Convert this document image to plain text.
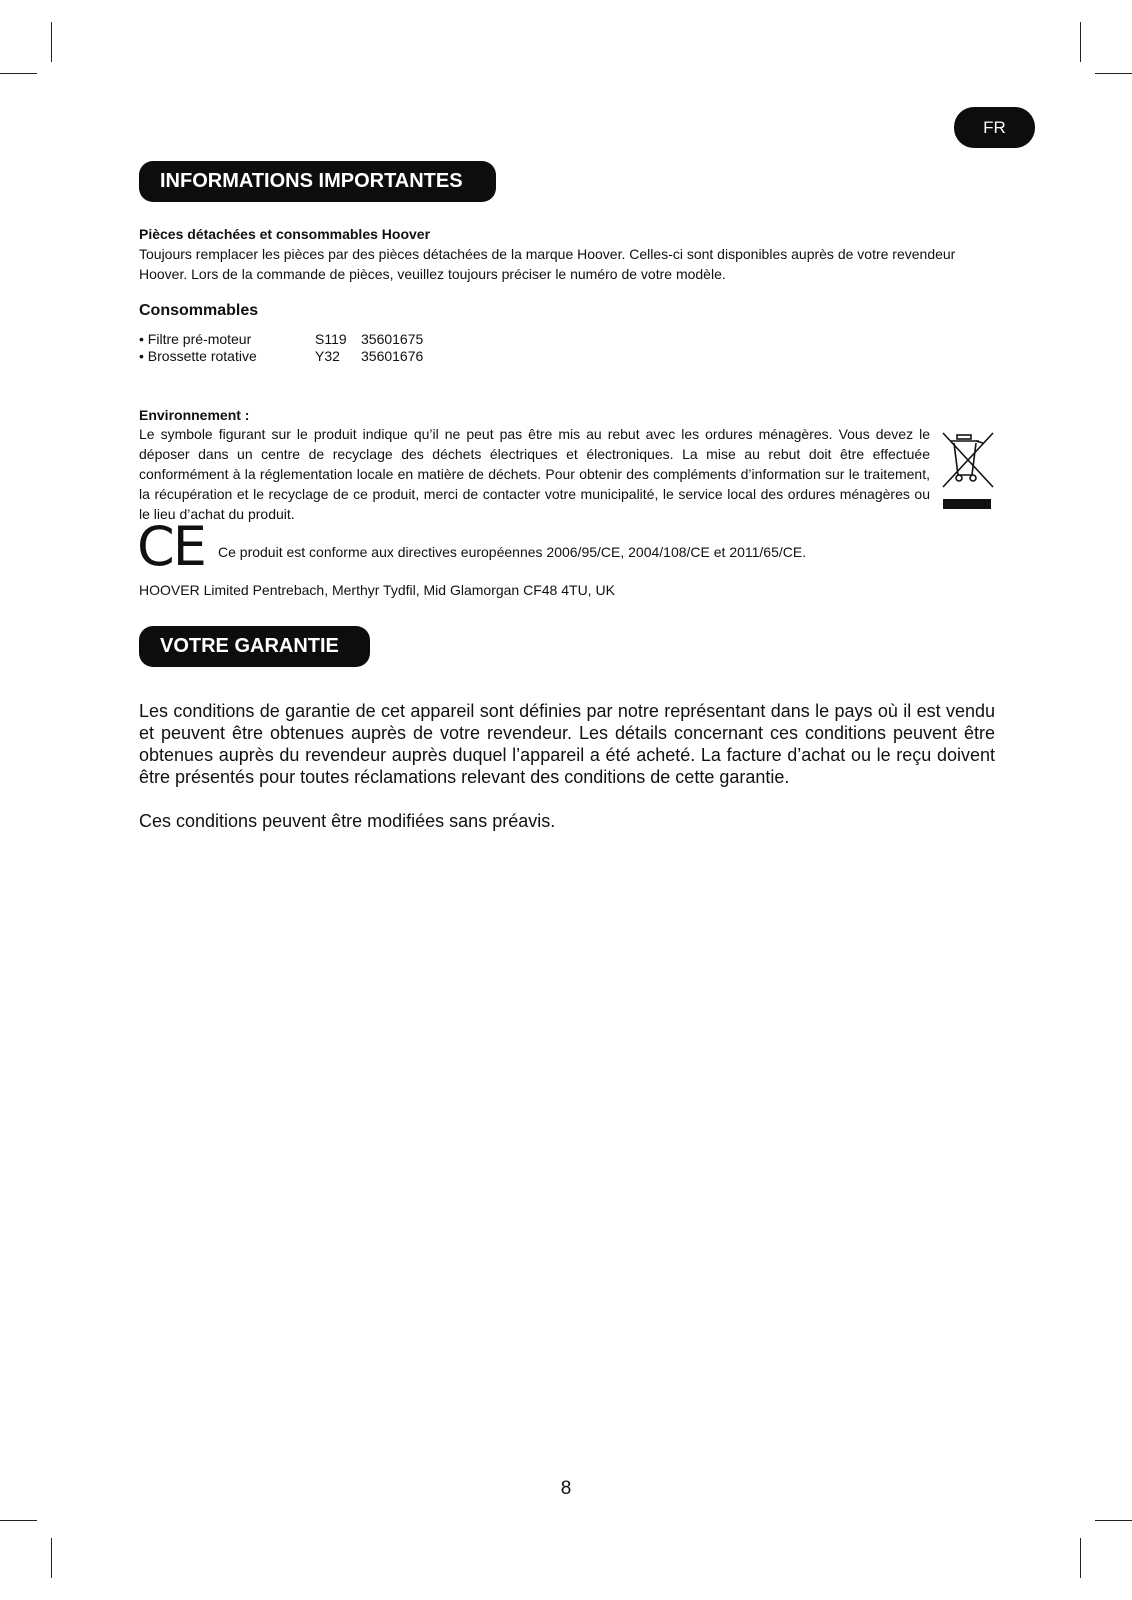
FR
INFORMATIONS IMPORTANTES
Pièces détachées et consommables Hoover
Toujours remplacer les pièces par des pièces détachées de la marque Hoover. Celles-ci sont disponibles auprès de votre revendeur Hoover. Lors de la commande de pièces, veuillez toujours préciser le numéro de votre modèle.
Consommables
• Filtre pré-moteur	S119 35601675
• Brossette rotative	Y32 35601676
Environnement :
Le symbole figurant sur le produit indique qu’il ne peut pas être mis au rebut avec les ordures ménagères. Vous devez le déposer dans un centre de recyclage des déchets électriques et électroniques. La mise au rebut doit être effectuée conformément à la réglementation locale en matière de déchets. Pour obtenir des compléments d’information sur le traitement, la récupération et le recyclage de ce produit, merci de contacter votre municipalité, le service local des ordures ménagères ou le lieu d’achat du produit.
CE Ce produit est conforme aux directives européennes 2006/95/CE, 2004/108/CE et 2011/65/CE.
HOOVER Limited Pentrebach, Merthyr Tydfil, Mid Glamorgan CF48 4TU, UK
VOTRE GARANTIE
Les conditions de garantie de cet appareil sont définies par notre représentant dans le pays où il est vendu et peuvent être obtenues auprès de votre revendeur. Les détails concernant ces conditions peuvent être obtenues auprès du revendeur auprès duquel l’appareil a été acheté. La facture d’achat ou le reçu doivent être présentés pour toutes réclamations relevant des conditions de cette garantie.
Ces conditions peuvent être modifiées sans préavis.
8
